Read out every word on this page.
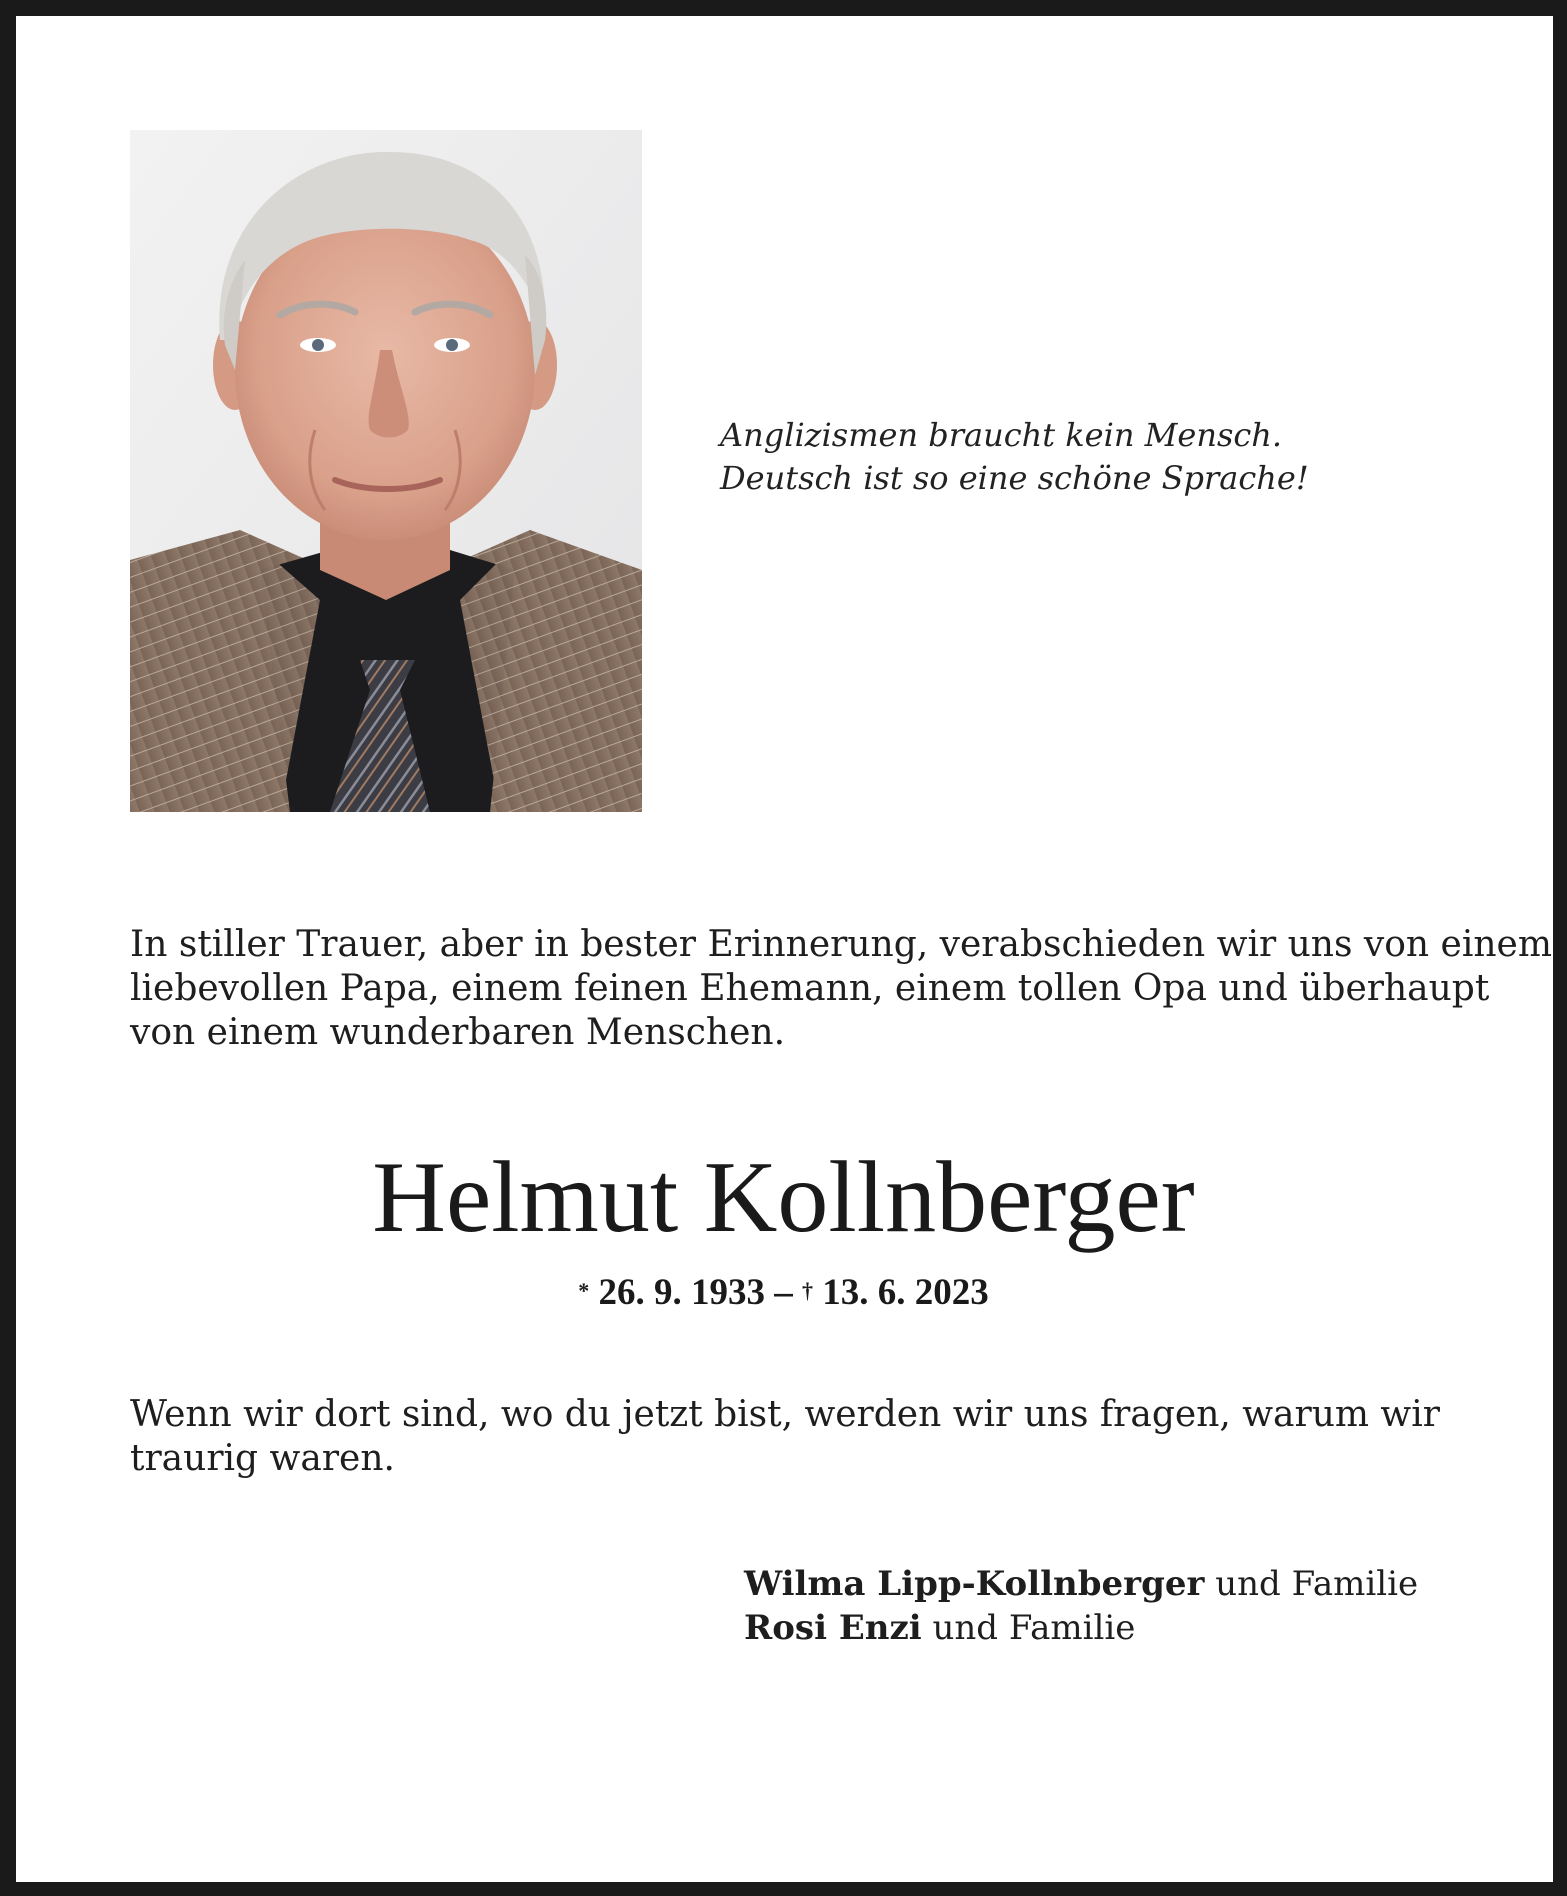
Anglizismen braucht kein Mensch.
Deutsch ist so eine schöne Sprache!
In stiller Trauer, aber in bester Erinnerung, verabschieden wir uns von einem
liebevollen Papa, einem feinen Ehemann, einem tollen Opa und überhaupt
von einem wunderbaren Menschen.
Helmut Kollnberger
* 26. 9. 1933 – † 13. 6. 2023
Wenn wir dort sind, wo du jetzt bist, werden wir uns fragen, warum wir
traurig waren.
Wilma Lipp-Kollnberger und Familie
Rosi Enzi und Familie
